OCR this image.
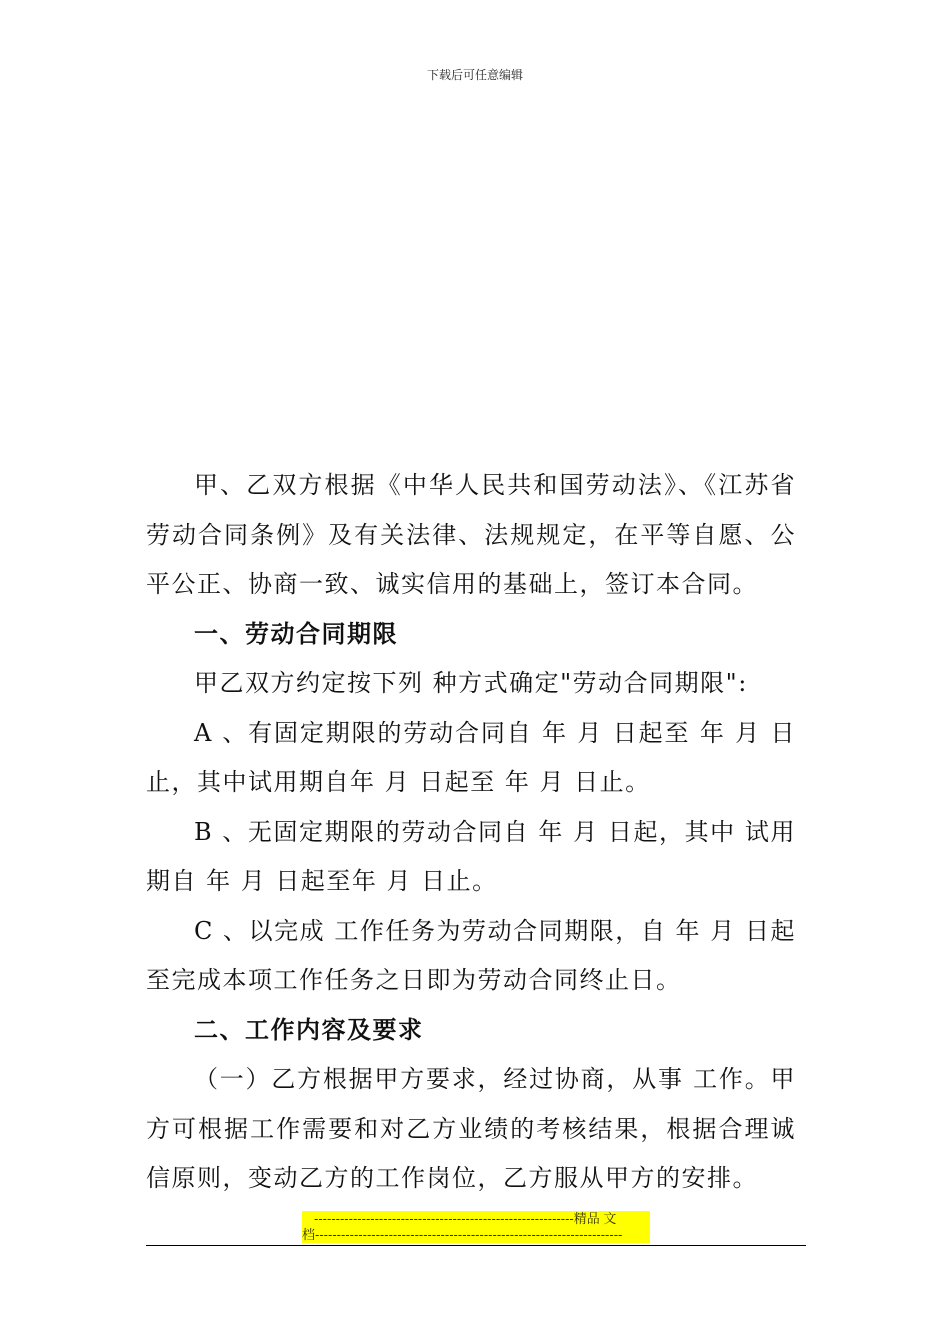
下载后可任意编辑

甲、乙双方根据《中华人民共和国劳动法》、《江苏省劳动合同条例》及有关法律、法规规定，在平等自愿、公平公正、协商一致、诚实信用的基础上，签订本合同。

一、劳动合同期限

甲乙双方约定按下列 种方式确定"劳动合同期限":

A 、有固定期限的劳动合同自 年 月 日起至 年 月 日止，其中试用期自年 月 日起至 年 月 日止。

B 、无固定期限的劳动合同自 年 月 日起，其中 试用期自 年 月 日起至年 月 日止。

C 、以完成 工作任务为劳动合同期限，自 年 月 日起至完成本项工作任务之日即为劳动合同终止日。

二、工作内容及要求

（一）乙方根据甲方要求，经过协商，从事 工作。甲方可根据工作需要和对乙方业绩的考核结果，根据合理诚信原则，变动乙方的工作岗位，乙方服从甲方的安排。

------------------------------------------------------------精品 文
档-----------------------------------------------------------------------
